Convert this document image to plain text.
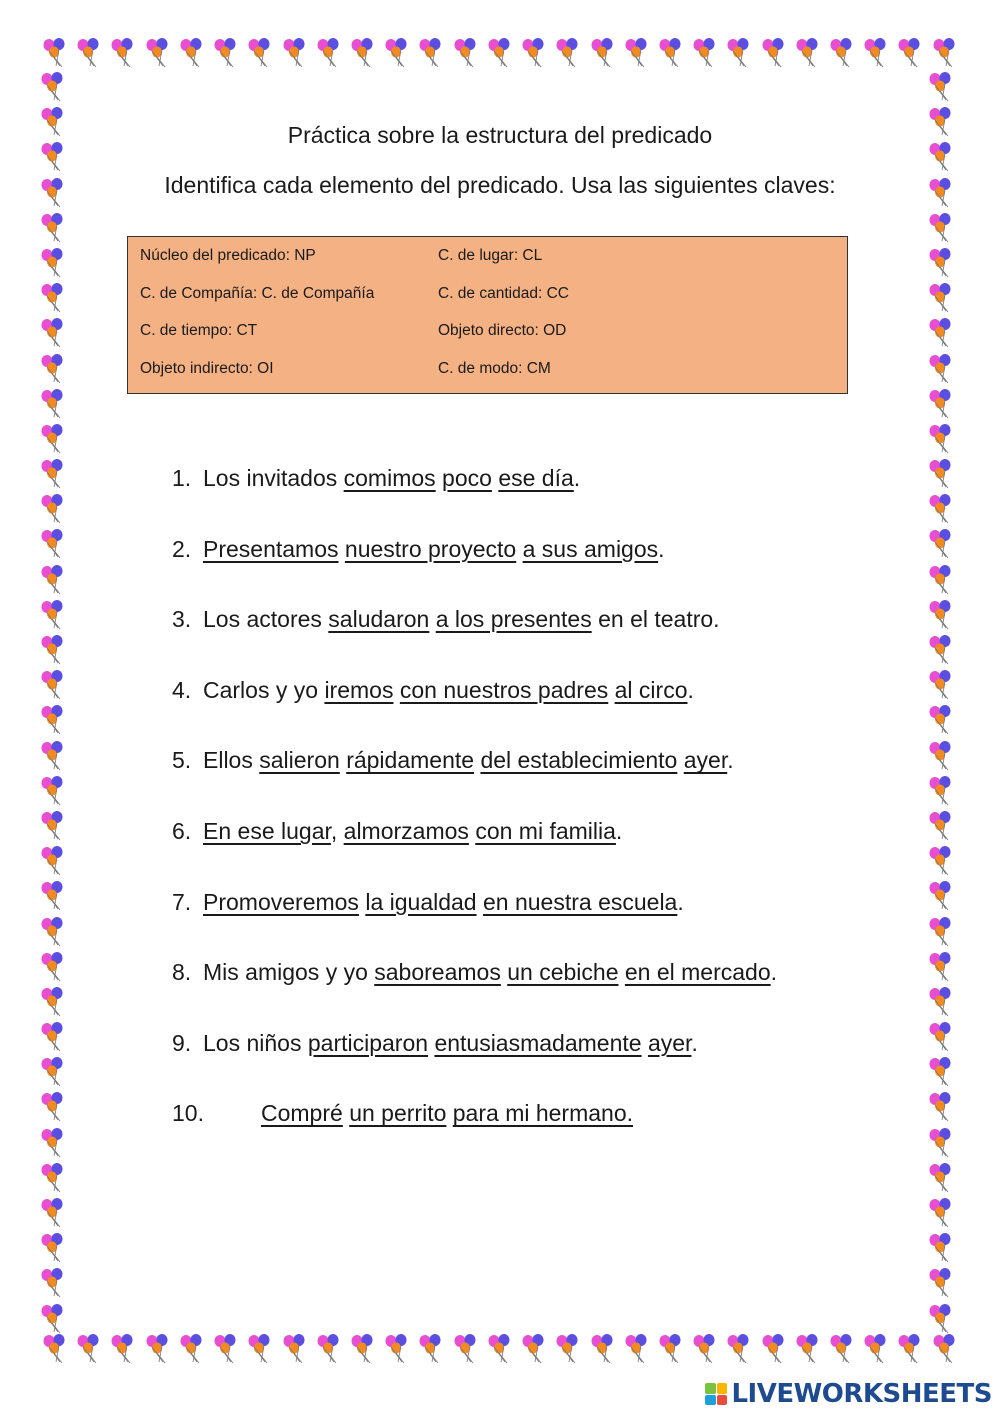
Práctica sobre la estructura del predicado
Identifica cada elemento del predicado. Usa las siguientes claves:
Núcleo del predicado: NP	C. de lugar: CL
C. de Compañía: C. de Compañía	C. de cantidad: CC
C. de tiempo: CT	Objeto directo: OD
Objeto indirecto: OI	C. de modo: CM
1. Los invitados comimos poco ese día.
2. Presentamos nuestro proyecto a sus amigos.
3. Los actores saludaron a los presentes en el teatro.
4. Carlos y yo iremos con nuestros padres al circo.
5. Ellos salieron rápidamente del establecimiento ayer.
6. En ese lugar, almorzamos con mi familia.
7. Promoveremos la igualdad en nuestra escuela.
8. Mis amigos y yo saboreamos un cebiche en el mercado.
9. Los niños participaron entusiasmadamente ayer.
10. Compré un perrito para mi hermano.
LIVEWORKSHEETS
